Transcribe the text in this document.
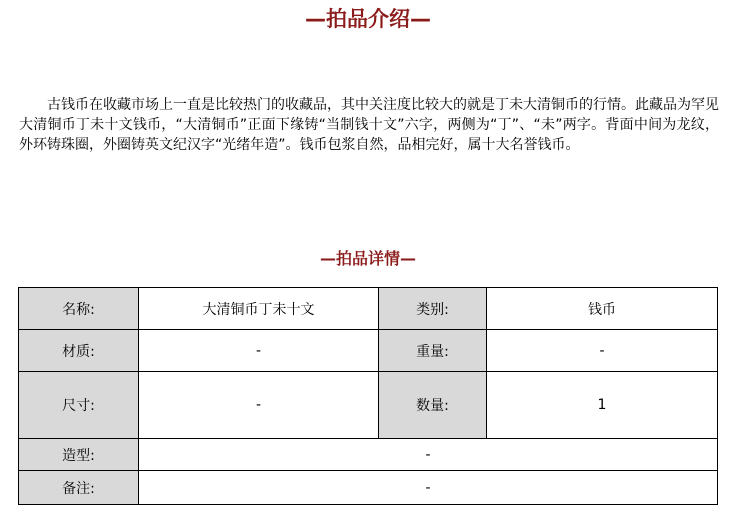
—拍品介绍—

古钱币在收藏市场上一直是比较热门的收藏品，其中关注度比较大的就是丁未大清铜币的行情。此藏品为罕见大清铜币丁未十文钱币，“大清铜币”正面下缘铸“当制钱十文”六字，两侧为“丁”、“未”两字。背面中间为龙纹，外环铸珠圈，外圈铸英文纪汉字“光绪年造”。钱币包浆自然，品相完好，属十大名誉钱币。

—拍品详情—
名称:	大清铜币丁未十文	类别:	钱币
材质:	-	重量:	-
尺寸:	-	数量:	1
造型:	-		
备注:	-		
